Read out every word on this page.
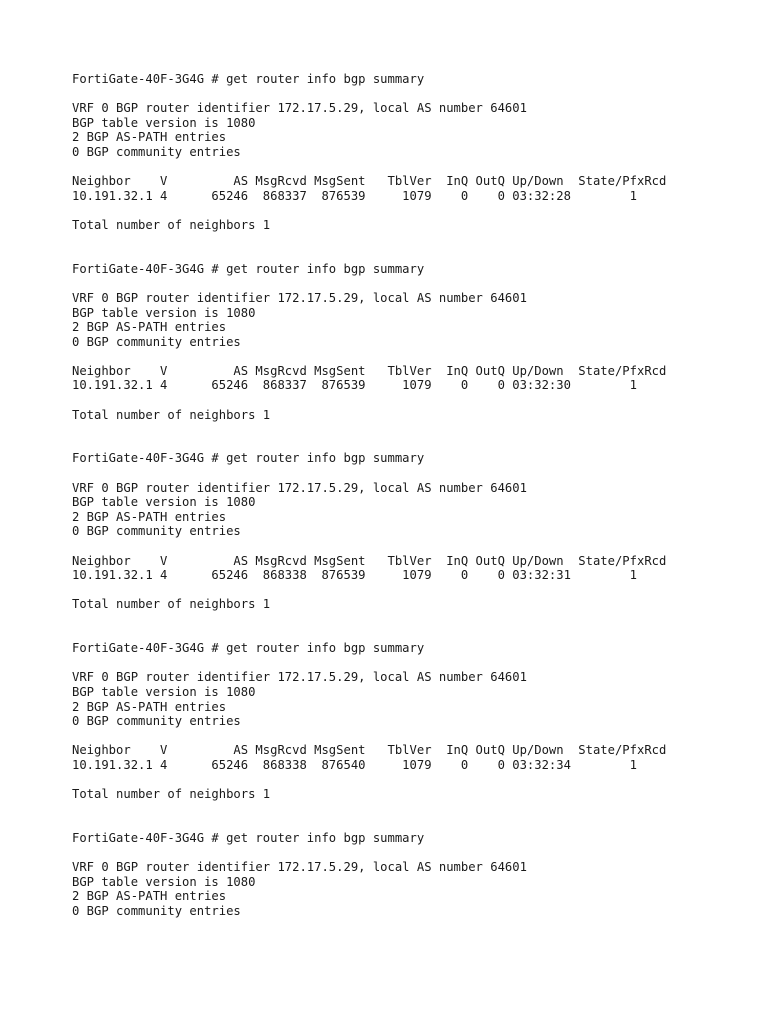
FortiGate-40F-3G4G # get router info bgp summary
VRF 0 BGP router identifier 172.17.5.29, local AS number 64601
BGP table version is 1080
2 BGP AS-PATH entries
0 BGP community entries
Neighbor    V         AS MsgRcvd MsgSent   TblVer  InQ OutQ Up/Down  State/PfxRcd
10.191.32.1 4      65246  868337  876539     1079    0    0 03:32:28        1
Total number of neighbors 1
FortiGate-40F-3G4G # get router info bgp summary
VRF 0 BGP router identifier 172.17.5.29, local AS number 64601
BGP table version is 1080
2 BGP AS-PATH entries
0 BGP community entries
Neighbor    V         AS MsgRcvd MsgSent   TblVer  InQ OutQ Up/Down  State/PfxRcd
10.191.32.1 4      65246  868337  876539     1079    0    0 03:32:30        1
Total number of neighbors 1
FortiGate-40F-3G4G # get router info bgp summary
VRF 0 BGP router identifier 172.17.5.29, local AS number 64601
BGP table version is 1080
2 BGP AS-PATH entries
0 BGP community entries
Neighbor    V         AS MsgRcvd MsgSent   TblVer  InQ OutQ Up/Down  State/PfxRcd
10.191.32.1 4      65246  868338  876539     1079    0    0 03:32:31        1
Total number of neighbors 1
FortiGate-40F-3G4G # get router info bgp summary
VRF 0 BGP router identifier 172.17.5.29, local AS number 64601
BGP table version is 1080
2 BGP AS-PATH entries
0 BGP community entries
Neighbor    V         AS MsgRcvd MsgSent   TblVer  InQ OutQ Up/Down  State/PfxRcd
10.191.32.1 4      65246  868338  876540     1079    0    0 03:32:34        1
Total number of neighbors 1
FortiGate-40F-3G4G # get router info bgp summary
VRF 0 BGP router identifier 172.17.5.29, local AS number 64601
BGP table version is 1080
2 BGP AS-PATH entries
0 BGP community entries
